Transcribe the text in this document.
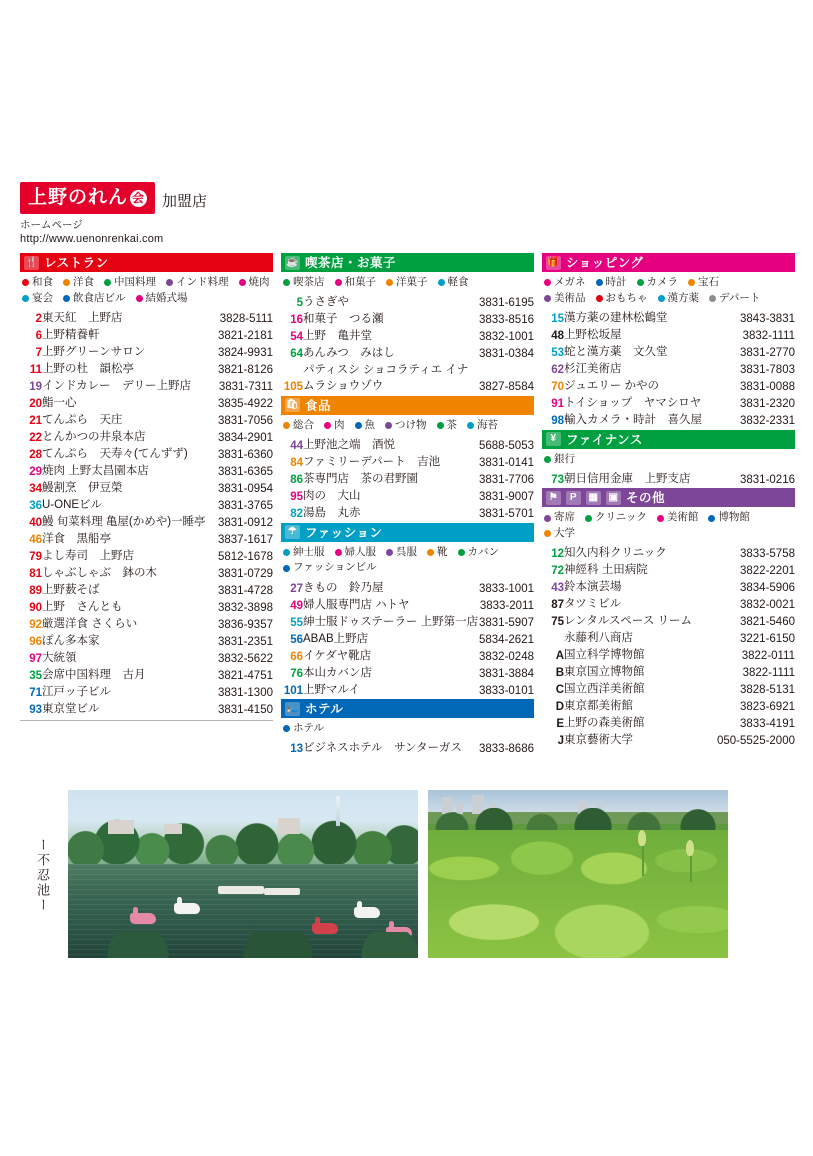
上野のれん 会	加盟店
ホームページ
http://www.uenonrenkai.com
🍴 レストラン
和食 洋食 中国料理 インド料理 焼肉
宴会 飲食店ビル 結婚式場
2	東天紅　上野店	3828-5111
6	上野精養軒	3821-2181
7	上野グリーンサロン	3824-9931
11	上野の杜　韻松亭	3821-8126
19	インドカレー　デリー上野店	3831-7311
20	鮨一心	3835-4922
21	てんぷら　天庄	3831-7056
22	とんかつの井泉本店	3834-2901
28	てんぷら　天寿々(てんずず)	3831-6360
29	焼肉 上野太昌園本店	3831-6365
34	鰻割烹　伊豆榮	3831-0954
36	U-ONEビル	3831-3765
40	鰻 旬菜料理 亀屋(かめや)一睡亭	3831-0912
46	洋食　黒船亭	3837-1617
79	よし寿司　上野店	5812-1678
81	しゃぶしゃぶ　鉢の木	3831-0729
89	上野薮そば	3831-4728
90	上野　さんとも	3832-3898
92	厳選洋食 さくらい	3836-9357
96	ぽん多本家	3831-2351
97	大統領	3832-5622
35	会席中国料理　古月	3821-4751
71	江戸ッ子ビル	3831-1300
93	東京堂ビル	3831-4150
☕ 喫茶店・お菓子
喫茶店 和菓子 洋菓子 軽食
5	うさぎや	3831-6195
16	和菓子　つる瀬	3833-8516
54	上野　亀井堂	3832-1001
64	あんみつ　みはし	3831-0384
105	パティスシ ショコラティエ イナムラショウゾウ	3827-8584
🛍 食品
総合 肉 魚 つけ物 茶 海苔
44	上野池之端　酒悦	5688-5053
84	ファミリーデパート　吉池	3831-0141
86	茶専門店　茶の君野園	3831-7706
95	肉の　大山	3831-9007
82	湯島　丸赤	3831-5701
☂ ファッション
紳士服 婦人服 呉服 靴 カバン
ファッションビル
27	きもの　鈴乃屋	3833-1001
49	婦人服専門店 ハトヤ	3833-2011
55	紳士服ドゥステーラー 上野第一店	3831-5907
56	ABAB上野店	5834-2621
66	イケダヤ靴店	3832-0248
76	本山カバン店	3831-3884
101	上野マルイ	3833-0101
🛌 ホテル
ホテル
13	ビジネスホテル　サンターガス	3833-8686
🎁 ショッピング
メガネ 時計 カメラ 宝石
美術品 おもちゃ 漢方薬 デパート
15	漢方薬の建林松鶴堂	3843-3831
48	上野松坂屋	3832-1111
53	蛇と漢方薬　文久堂	3831-2770
62	杉江美術店	3831-7803
70	ジュエリー かやの	3831-0088
91	トイショップ　ヤマシロヤ	3831-2320
98	輸入カメラ・時計　喜久屋	3832-2331
¥ ファイナンス
銀行
73	朝日信用金庫　上野支店	3831-0216
⚑	P	▦ ▣ その他
寄席 クリニック 美術館 博物館
大学
12	知久内科クリニック	3833-5758
72	神經科 土田病院	3822-2201
43	鈴本演芸場	3834-5906
87	タツミビル	3832-0021
75	レンタルスペース リーム	3821-5460
	永藤利八商店	3221-6150
A	国立科学博物館	3822-0111
B	東京国立博物館	3822-1111
C	国立西洋美術館	3828-5131
D	東京都美術館	3823-6921
E	上野の森美術館	3833-4191
J	東京藝術大学	050-5525-2000
ー不忍池ー
